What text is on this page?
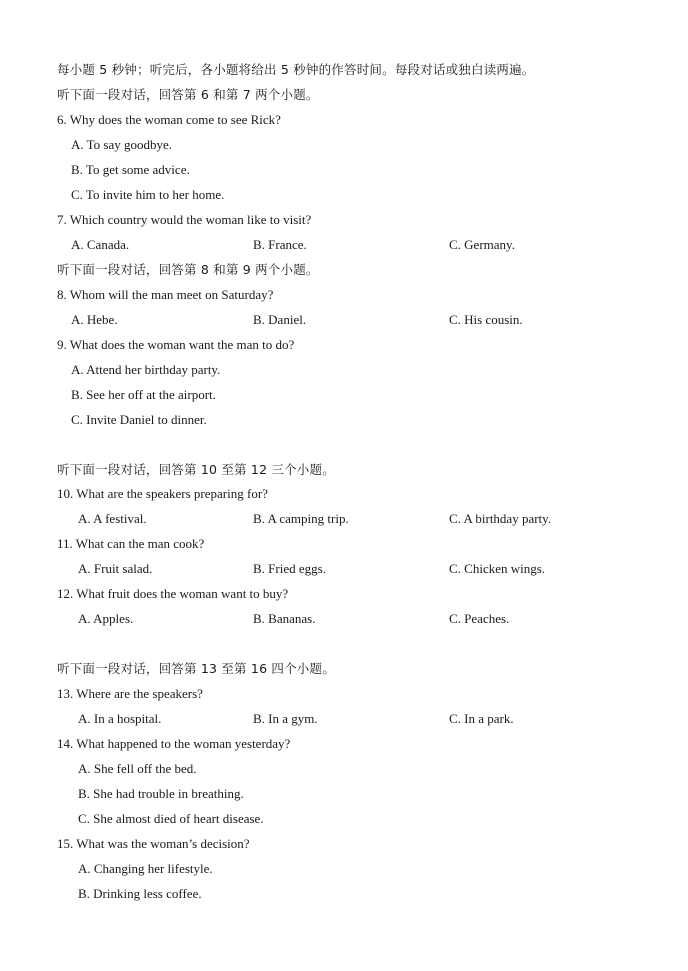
每小题 5 秒钟；听完后，各小题将给出 5 秒钟的作答时间。每段对话或独白读两遍。
听下面一段对话，回答第 6 和第 7 两个小题。
6. Why does the woman come to see Rick?
A. To say goodbye.
B. To get some advice.
C. To invite him to her home.
7. Which country would the woman like to visit?
A. Canada.	B. France.	C. Germany.
听下面一段对话，回答第 8 和第 9 两个小题。
8. Whom will the man meet on Saturday?
A. Hebe.	B. Daniel.	C. His cousin.
9. What does the woman want the man to do?
A. Attend her birthday party.
B. See her off at the airport.
C. Invite Daniel to dinner.
听下面一段对话，回答第 10 至第 12 三个小题。
10. What are the speakers preparing for?
A. A festival.	B. A camping trip.	C. A birthday party.
11. What can the man cook?
A. Fruit salad.	B. Fried eggs.	C. Chicken wings.
12. What fruit does the woman want to buy?
A. Apples.	B. Bananas.	C. Peaches.
听下面一段对话，回答第 13 至第 16 四个小题。
13. Where are the speakers?
A. In a hospital.	B. In a gym.	C. In a park.
14. What happened to the woman yesterday?
A. She fell off the bed.
B. She had trouble in breathing.
C. She almost died of heart disease.
15. What was the woman’s decision?
A. Changing her lifestyle.
B. Drinking less coffee.
